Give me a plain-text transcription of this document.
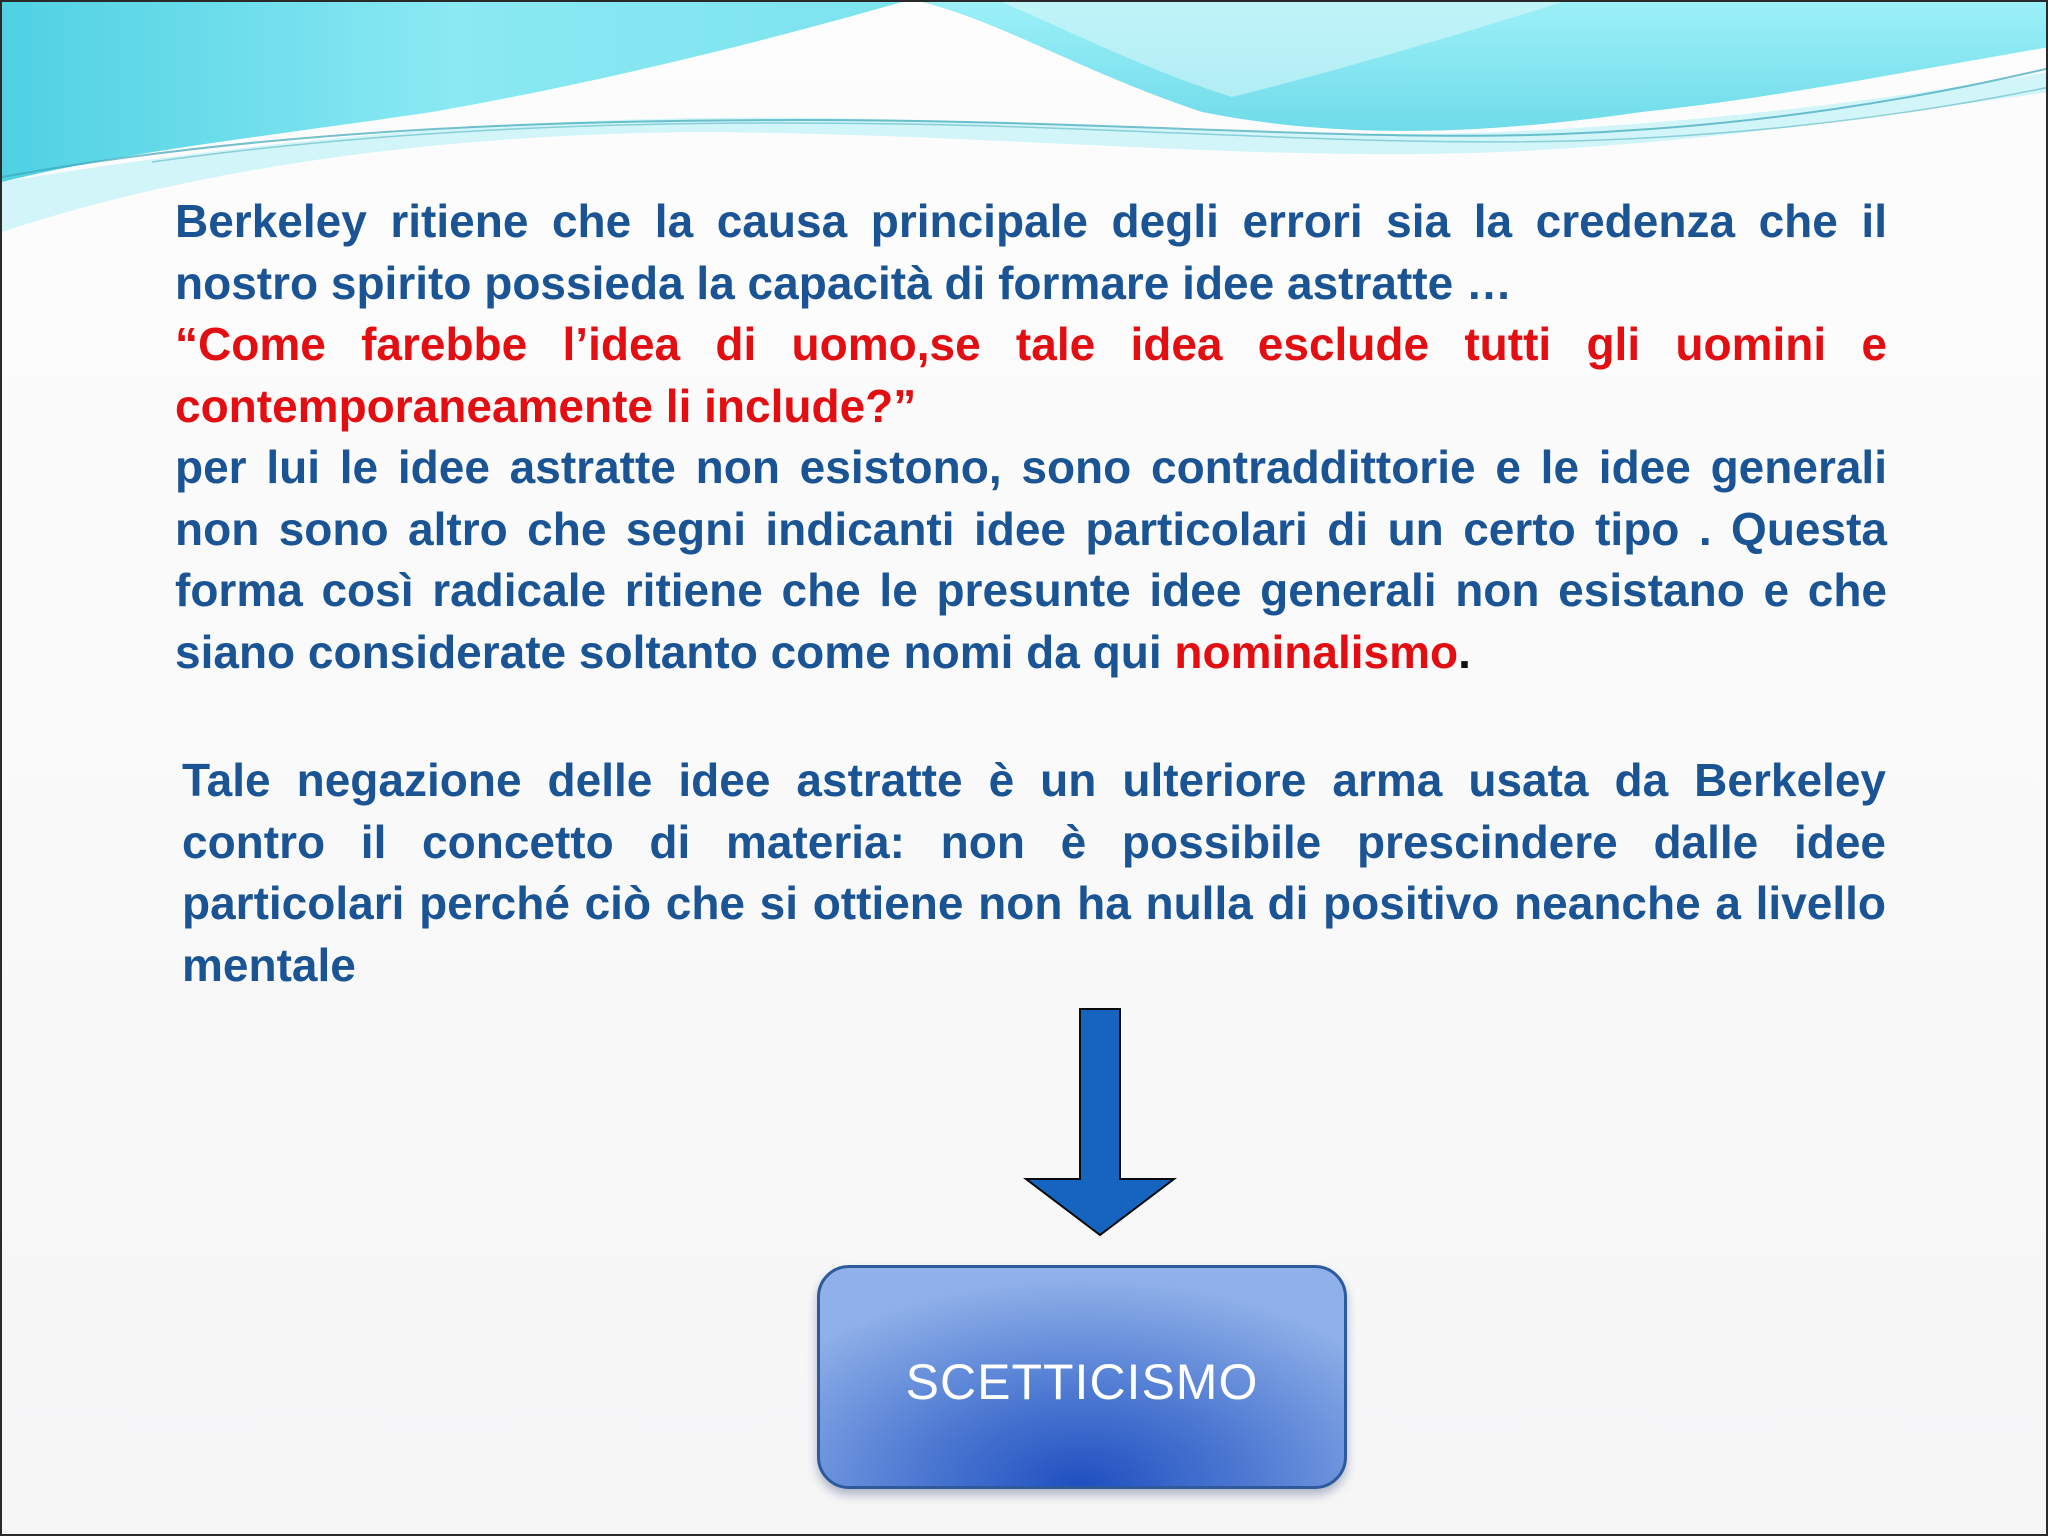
Berkeley ritiene che la causa principale degli errori sia la credenza che il nostro spirito possieda la capacità di formare idee astratte …

“Come farebbe l’idea di uomo,se tale idea esclude tutti gli uomini e contemporaneamente li include?”

per lui le idee astratte non esistono, sono contraddittorie e le idee generali non sono altro che segni indicanti idee particolari di un certo tipo . Questa forma così radicale ritiene che le presunte idee generali non esistano e che siano considerate soltanto come nomi da qui nominalismo.

Tale negazione delle idee astratte è un ulteriore arma usata da Berkeley contro il concetto di materia: non è possibile prescindere dalle idee particolari perché ciò che si ottiene non ha nulla di positivo neanche a livello mentale

SCETTICISMO
